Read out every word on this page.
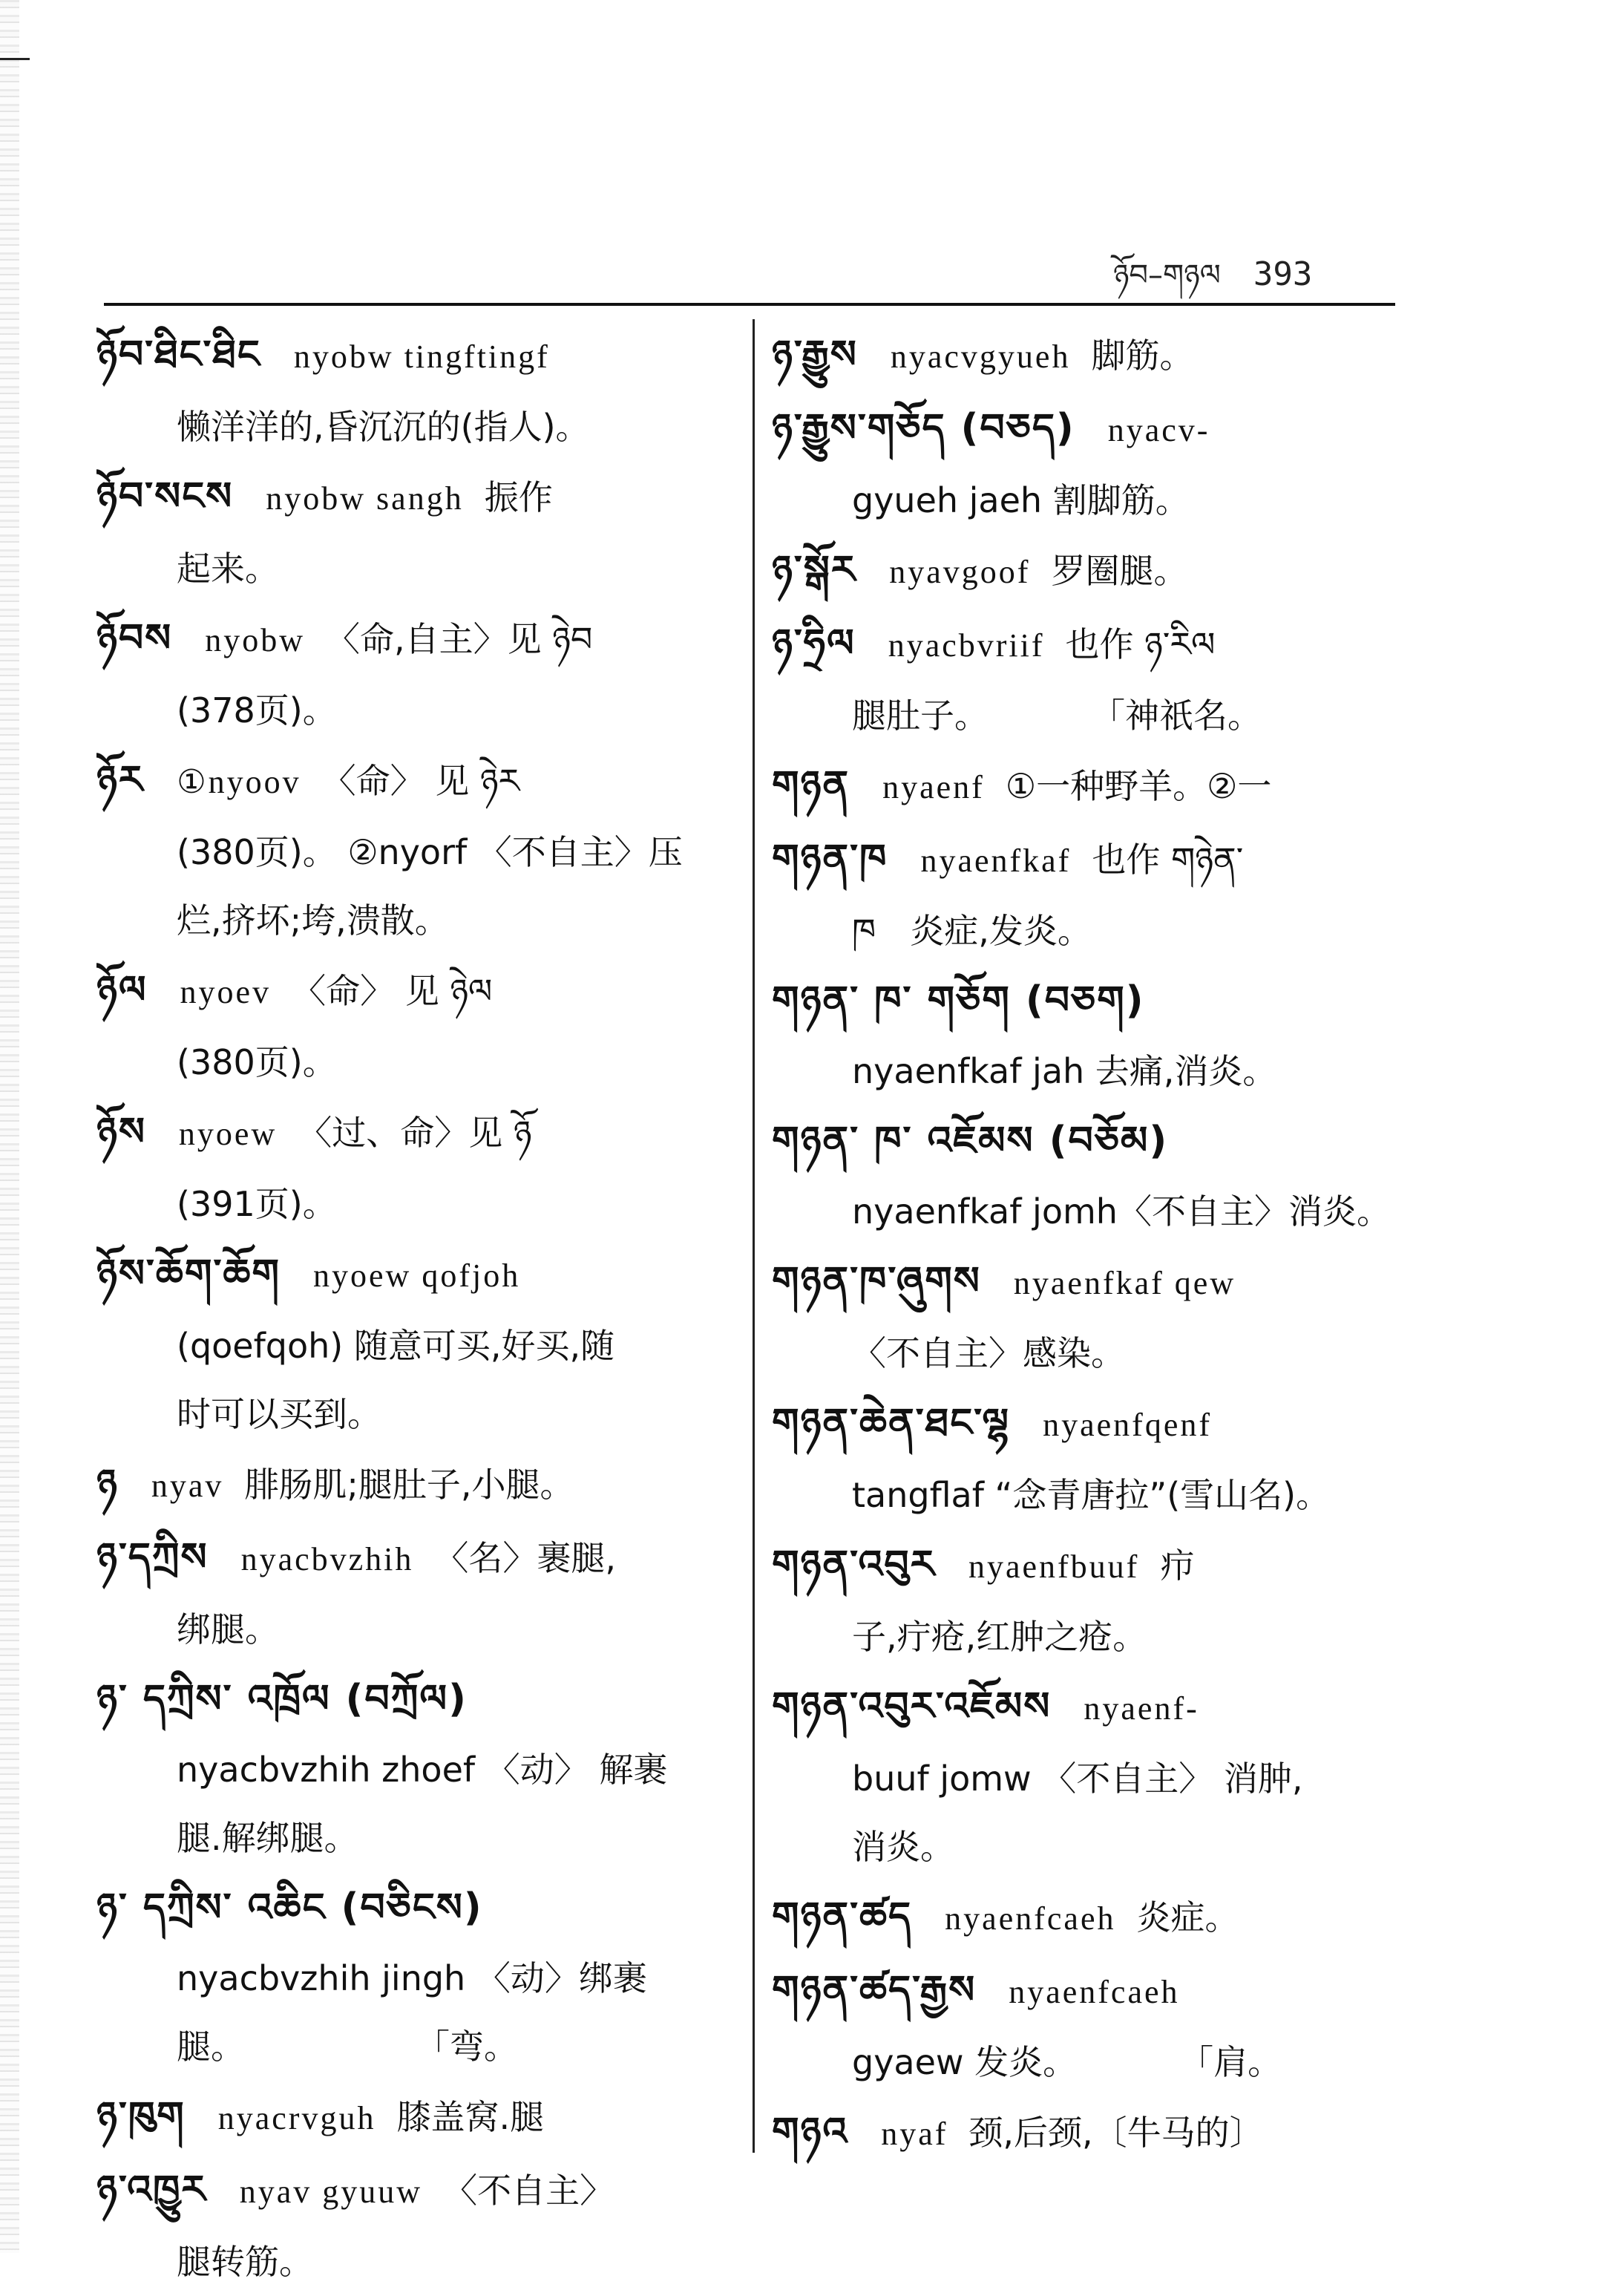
ཉོབ–གཉལ 393
ཉོབ་ཐིང་ཐིང nyobw tingftingf
懒洋洋的,昏沉沉的(指人)。
ཉོབ་སངས nyobw sangh 振作
起来。
ཉོབས nyobw 〈命,自主〉见 ཉེབ
(378页)。
ཉོར ①nyoov 〈命〉 见 ཉེར
(380页)。 ②nyorf 〈不自主〉压
烂,挤坏;垮,溃散。
ཉོལ nyoev 〈命〉 见 ཉེལ
(380页)。
ཉོས nyoew 〈过、命〉见 ཉོ
(391页)。
ཉོས་ཆོག་ཆོག nyoew qofjoh
(qoefqoh) 随意可买,好买,随
时可以买到。
ཉ nyav 腓肠肌;腿肚子,小腿。
ཉ་དཀྲིས nyacbvzhih 〈名〉裹腿,
绑腿。
ཉ་ དཀྲིས་ འཁྲོལ (བཀྲོལ)
nyacbvzhih zhoef 〈动〉 解裹
腿.解绑腿。
ཉ་ དཀྲིས་ འཆིང (བཅིངས)
nyacbvzhih jingh 〈动〉绑裹
腿。　　　　　　「弯。
ཉ་ཁུག nyacrvguh 膝盖窝.腿
ཉ་འཁྱུར nyav gyuuw 〈不自主〉
腿转筋。
ཉ་རྒྱུས nyacvgyueh 脚筋。
ཉ་རྒྱུས་གཅོད (བཅད) nyacv-
gyueh jaeh 割脚筋。
ཉ་སྒོར nyavgoof 罗圈腿。
ཉ་ཧྲིལ nyacbvriif 也作 ཉ་རིལ
腿肚子。　　　　「神祇名。
གཉན nyaenf ①一种野羊。②一
གཉན་ཁ nyaenfkaf 也作 གཉེན་
ཁ　炎症,发炎。
གཉན་ ཁ་ གཅོག (བཅག)
nyaenfkaf jah 去痛,消炎。
གཉན་ ཁ་ འཇོམས (བཅོམ)
nyaenfkaf jomh〈不自主〉消炎。
གཉན་ཁ་ཞུགས nyaenfkaf qew
〈不自主〉感染。
གཉན་ཆེན་ཐང་ལྷ nyaenfqenf
tangflaf “念青唐拉”(雪山名)。
གཉན་འབུར nyaenfbuuf 疖
子,疔疮,红肿之疮。
གཉན་འབུར་འཇོམས nyaenf-
buuf jomw 〈不自主〉 消肿,
消炎。
གཉན་ཚད nyaenfcaeh 炎症。
གཉན་ཚད་རྒྱས nyaenfcaeh
gyaew 发炎。　　　　「肩。
གཉའ nyaf 颈,后颈,〔牛马的〕
